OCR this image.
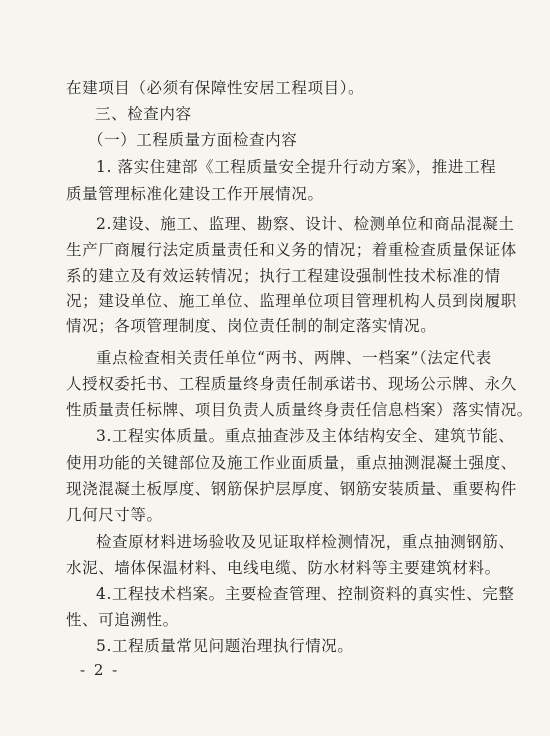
在建项目（必须有保障性安居工程项目）。
三、检查内容
（一）工程质量方面检查内容
1. 落实住建部《工程质量安全提升行动方案》，推进工程
质量管理标准化建设工作开展情况。
2.建设、施工、监理、勘察、设计、检测单位和商品混凝土
生产厂商履行法定质量责任和义务的情况；着重检查质量保证体
系的建立及有效运转情况；执行工程建设强制性技术标准的情
况；建设单位、施工单位、监理单位项目管理机构人员到岗履职
情况；各项管理制度、岗位责任制的制定落实情况。
重点检查相关责任单位“两书、两牌、一档案”（法定代表
人授权委托书、工程质量终身责任制承诺书、现场公示牌、永久
性质量责任标牌、项目负责人质量终身责任信息档案）落实情况。
3.工程实体质量。重点抽查涉及主体结构安全、建筑节能、
使用功能的关键部位及施工作业面质量，重点抽测混凝土强度、
现浇混凝土板厚度、钢筋保护层厚度、钢筋安装质量、重要构件
几何尺寸等。
检查原材料进场验收及见证取样检测情况，重点抽测钢筋、
水泥、墙体保温材料、电线电缆、防水材料等主要建筑材料。
4.工程技术档案。主要检查管理、控制资料的真实性、完整
性、可追溯性。
5.工程质量常见问题治理执行情况。
- 2 -
